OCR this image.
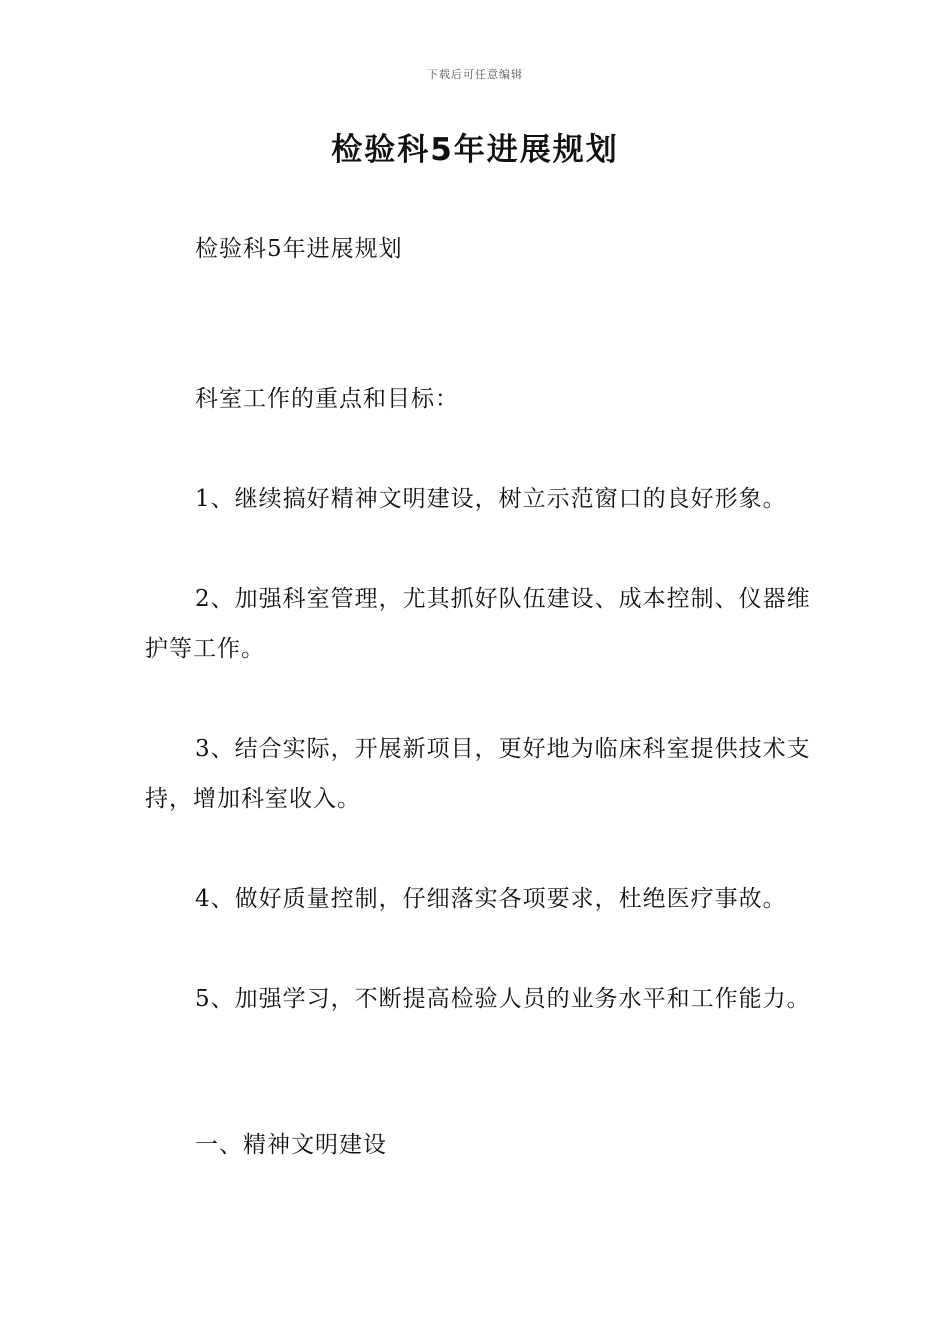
下载后可任意编辑
检验科5年进展规划

检验科5年进展规划

科室工作的重点和目标：

1、继续搞好精神文明建设，树立示范窗口的良好形象。

2、加强科室管理，尤其抓好队伍建设、成本控制、仪器维护等工作。

3、结合实际，开展新项目，更好地为临床科室提供技术支持，增加科室收入。

4、做好质量控制，仔细落实各项要求，杜绝医疗事故。

5、加强学习，不断提高检验人员的业务水平和工作能力。

一、精神文明建设
